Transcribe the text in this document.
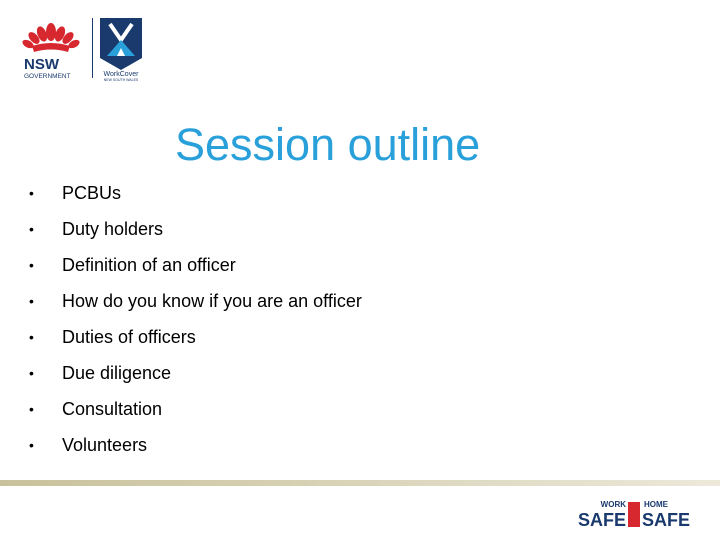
NSW
GOVERNMENT	WorkCover
NEW SOUTH WALES
Session outline
• PCBUs
• Duty holders
• Definition of an officer
• How do you know if you are an officer
• Duties of officers
• Due diligence
• Consultation
• Volunteers
WORK HOME
SAFE SAFE
